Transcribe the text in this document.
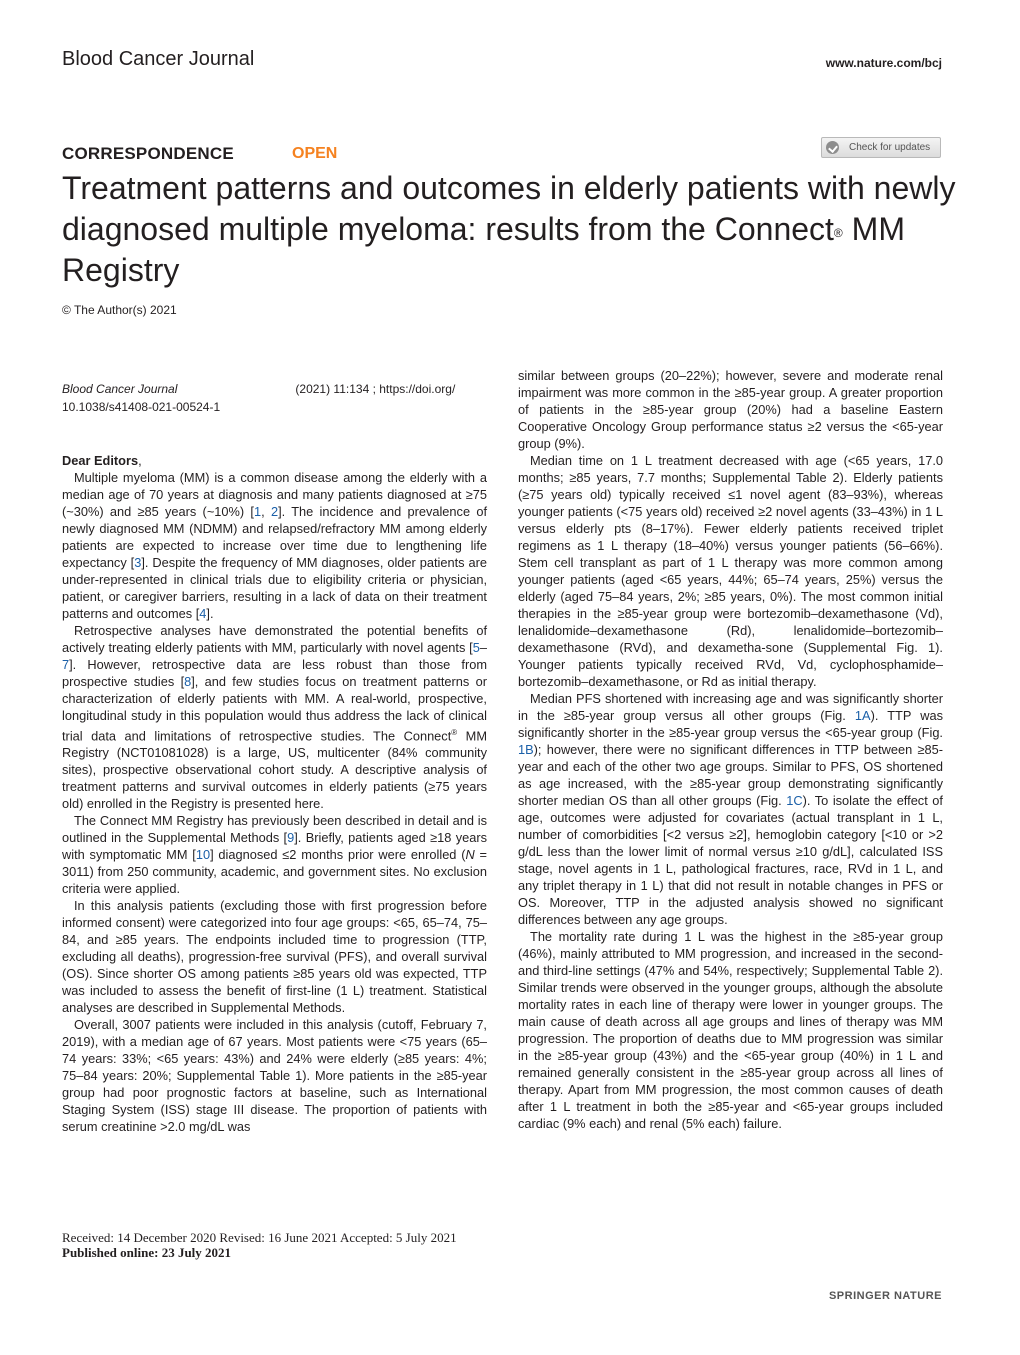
Blood Cancer Journal	www.nature.com/bcj
CORRESPONDENCE	OPEN	Check for updates
Treatment patterns and outcomes in elderly patients with newly diagnosed multiple myeloma: results from the Connect® MM Registry
© The Author(s) 2021
Blood Cancer Journal	(2021) 11:134 ; https://doi.org/
10.1038/s41408-021-00524-1

Dear Editors,

Multiple myeloma (MM) is a common disease among the elderly with a median age of 70 years at diagnosis and many patients diagnosed at ≥75 (~30%) and ≥85 years (~10%) [1, 2]. The incidence and prevalence of newly diagnosed MM (NDMM) and relapsed/refractory MM among elderly patients are expected to increase over time due to lengthening life expectancy [3]. Despite the frequency of MM diagnoses, older patients are under-represented in clinical trials due to eligibility criteria or physician, patient, or caregiver barriers, resulting in a lack of data on their treatment patterns and outcomes [4].

Retrospective analyses have demonstrated the potential benefits of actively treating elderly patients with MM, particularly with novel agents [5–7]. However, retrospective data are less robust than those from prospective studies [8], and few studies focus on treatment patterns or characterization of elderly patients with MM. A real-world, prospective, longitudinal study in this population would thus address the lack of clinical trial data and limitations of retrospective studies. The Connect® MM Registry (NCT01081028) is a large, US, multicenter (84% community sites), prospective observational cohort study. A descriptive analysis of treatment patterns and survival outcomes in elderly patients (≥75 years old) enrolled in the Registry is presented here.

The Connect MM Registry has previously been described in detail and is outlined in the Supplemental Methods [9]. Briefly, patients aged ≥18 years with symptomatic MM [10] diagnosed ≤2 months prior were enrolled (N = 3011) from 250 community, academic, and government sites. No exclusion criteria were applied.

In this analysis patients (excluding those with first progression before informed consent) were categorized into four age groups: <65, 65–74, 75–84, and ≥85 years. The endpoints included time to progression (TTP, excluding all deaths), progression-free survival (PFS), and overall survival (OS). Since shorter OS among patients ≥85 years old was expected, TTP was included to assess the benefit of first-line (1 L) treatment. Statistical analyses are described in Supplemental Methods.

Overall, 3007 patients were included in this analysis (cutoff, February 7, 2019), with a median age of 67 years. Most patients were <75 years (65–74 years: 33%; <65 years: 43%) and 24% were elderly (≥85 years: 4%; 75–84 years: 20%; Supplemental Table 1). More patients in the ≥85-year group had poor prognostic factors at baseline, such as International Staging System (ISS) stage III disease. The proportion of patients with serum creatinine >2.0 mg/dL was

similar between groups (20–22%); however, severe and moderate renal impairment was more common in the ≥85-year group. A greater proportion of patients in the ≥85-year group (20%) had a baseline Eastern Cooperative Oncology Group performance status ≥2 versus the <65-year group (9%).

Median time on 1 L treatment decreased with age (<65 years, 17.0 months; ≥85 years, 7.7 months; Supplemental Table 2). Elderly patients (≥75 years old) typically received ≤1 novel agent (83–93%), whereas younger patients (<75 years old) received ≥2 novel agents (33–43%) in 1 L versus elderly pts (8–17%). Fewer elderly patients received triplet regimens as 1 L therapy (18–40%) versus younger patients (56–66%). Stem cell transplant as part of 1 L therapy was more common among younger patients (aged <65 years, 44%; 65–74 years, 25%) versus the elderly (aged 75–84 years, 2%; ≥85 years, 0%). The most common initial therapies in the ≥85-year group were bortezomib–dexamethasone (Vd), lenalidomide–dexamethasone (Rd), lenalidomide–bortezomib–dexamethasone (RVd), and dexametha-sone (Supplemental Fig. 1). Younger patients typically received RVd, Vd, cyclophosphamide–bortezomib–dexamethasone, or Rd as initial therapy.

Median PFS shortened with increasing age and was significantly shorter in the ≥85-year group versus all other groups (Fig. 1A). TTP was significantly shorter in the ≥85-year group versus the <65-year group (Fig. 1B); however, there were no significant differences in TTP between ≥85-year and each of the other two age groups. Similar to PFS, OS shortened as age increased, with the ≥85-year group demonstrating significantly shorter median OS than all other groups (Fig. 1C). To isolate the effect of age, outcomes were adjusted for covariates (actual transplant in 1 L, number of comorbidities [<2 versus ≥2], hemoglobin category [<10 or >2 g/dL less than the lower limit of normal versus ≥10 g/dL], calculated ISS stage, novel agents in 1 L, pathological fractures, race, RVd in 1 L, and any triplet therapy in 1 L) that did not result in notable changes in PFS or OS. Moreover, TTP in the adjusted analysis showed no significant differences between any age groups.

The mortality rate during 1 L was the highest in the ≥85-year group (46%), mainly attributed to MM progression, and increased in the second- and third-line settings (47% and 54%, respectively; Supplemental Table 2). Similar trends were observed in the younger groups, although the absolute mortality rates in each line of therapy were lower in younger groups. The main cause of death across all age groups and lines of therapy was MM progression. The proportion of deaths due to MM progression was similar in the ≥85-year group (43%) and the <65-year group (40%) in 1 L and remained generally consistent in the ≥85-year group across all lines of therapy. Apart from MM progression, the most common causes of death after 1 L treatment in both the ≥85-year and <65-year groups included cardiac (9% each) and renal (5% each) failure.

Received: 14 December 2020 Revised: 16 June 2021 Accepted: 5 July 2021
Published online: 23 July 2021
SPRINGER NATURE
